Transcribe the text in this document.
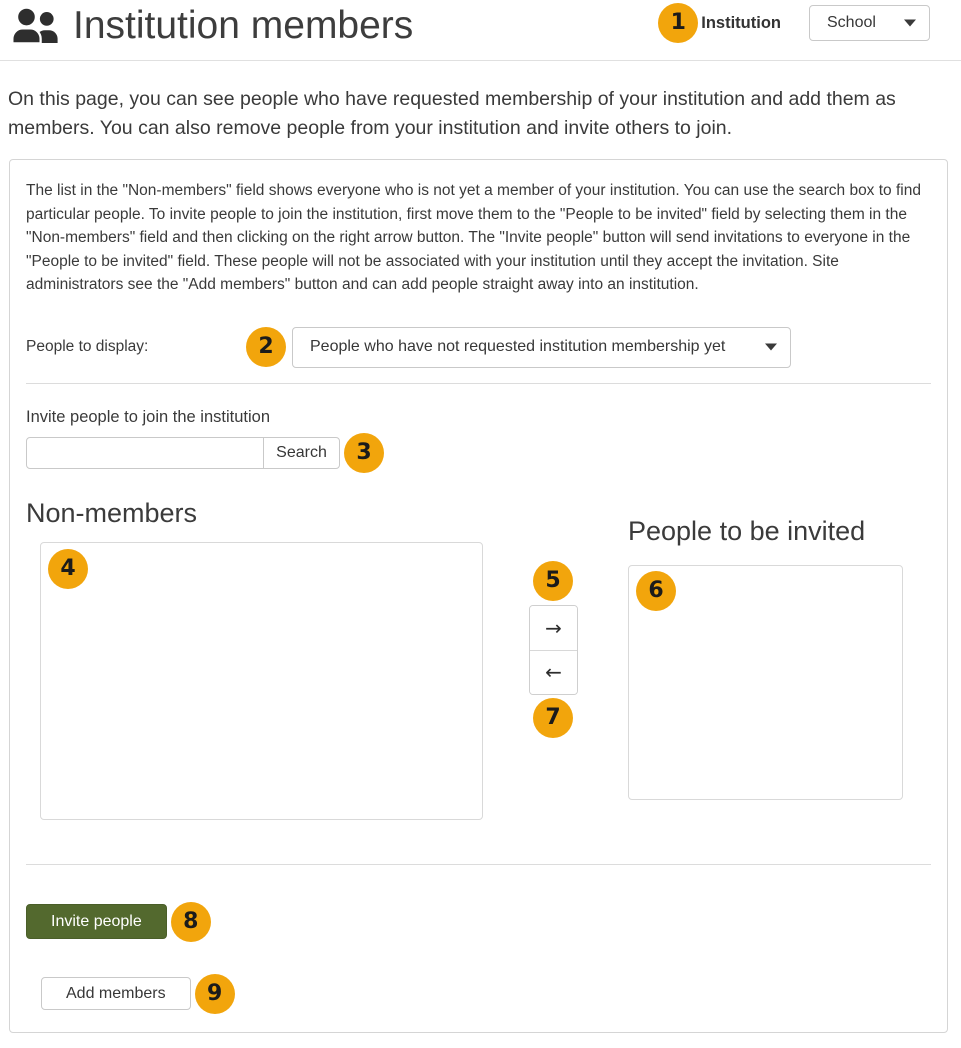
Institution members	1 Institution	School

On this page, you can see people who have requested membership of your institution and add them as members. You can also remove people from your institution and invite others to join.

The list in the "Non-members" field shows everyone who is not yet a member of your institution. You can use the search box to find particular people. To invite people to join the institution, first move them to the "People to be invited" field by selecting them in the "Non-members" field and then clicking on the right arrow button. The "Invite people" button will send invitations to everyone in the "People to be invited" field. These people will not be associated with your institution until they accept the invitation. Site administrators see the "Add members" button and can add people straight away into an institution.

People to display:	2	People who have not requested institution membership yet
Invite people to join the institution
Search	3
Non-members
4	5
→
←
7
People to be invited
6
Invite people	8
Add members	9
